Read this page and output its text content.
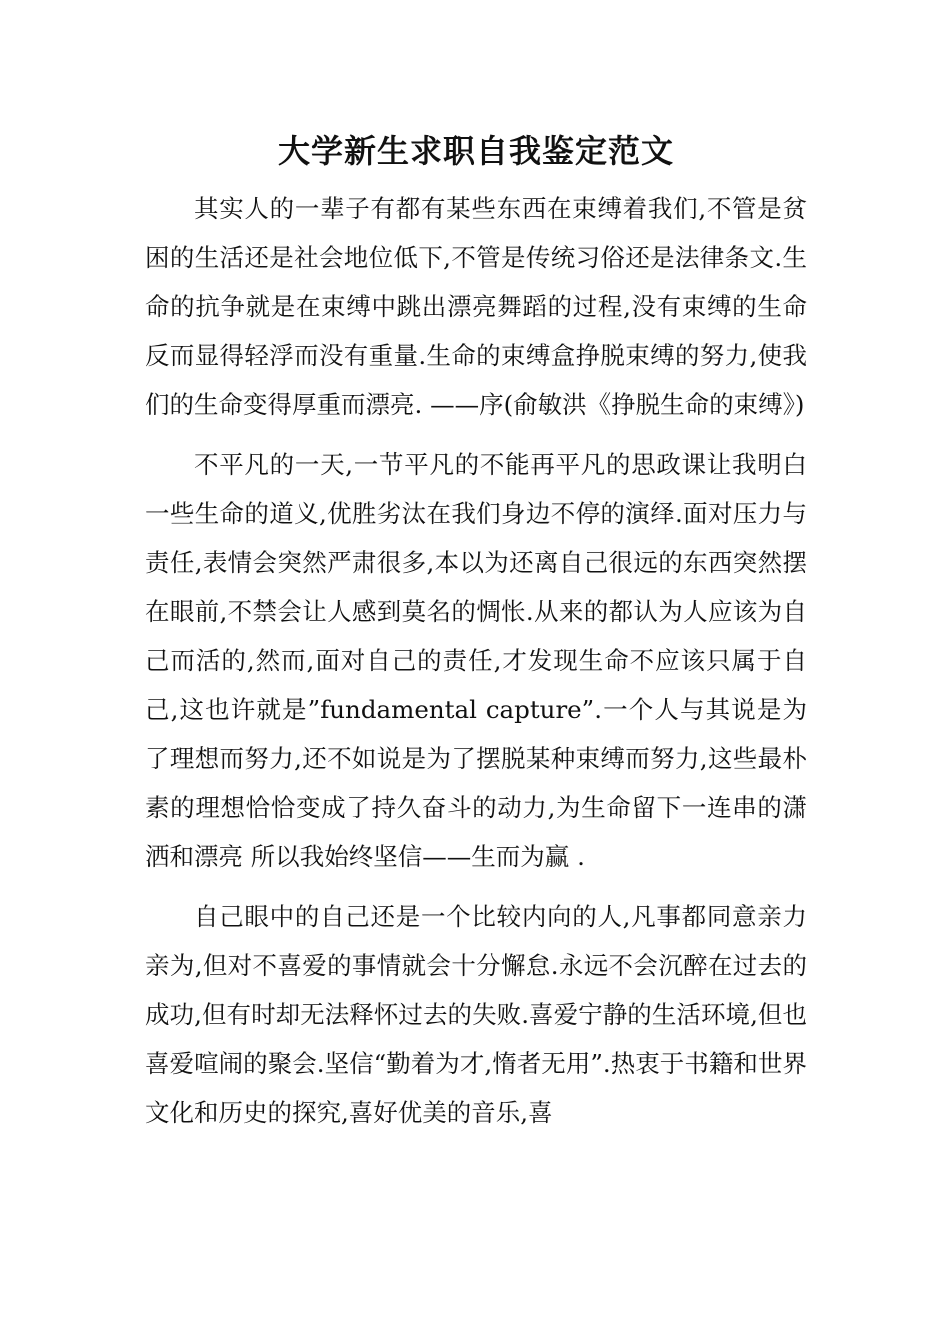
大学新生求职自我鉴定范文

其实人的一辈子有都有某些东西在束缚着我们,不管是贫困的生活还是社会地位低下,不管是传统习俗还是法律条文.生命的抗争就是在束缚中跳出漂亮舞蹈的过程,没有束缚的生命反而显得轻浮而没有重量.生命的束缚盒挣脱束缚的努力,使我们的生命变得厚重而漂亮. ——序(俞敏洪《挣脱生命的束缚》)

不平凡的一天,一节平凡的不能再平凡的思政课让我明白一些生命的道义,优胜劣汰在我们身边不停的演绎.面对压力与责任,表情会突然严肃很多,本以为还离自己很远的东西突然摆在眼前,不禁会让人感到莫名的惆怅.从来的都认为人应该为自己而活的,然而,面对自己的责任,才发现生命不应该只属于自己,这也许就是”fundamental capture”.一个人与其说是为了理想而努力,还不如说是为了摆脱某种束缚而努力,这些最朴素的理想恰恰变成了持久奋斗的动力,为生命留下一连串的潇洒和漂亮 所以我始终坚信——生而为赢 .

自己眼中的自己还是一个比较内向的人,凡事都同意亲力亲为,但对不喜爱的事情就会十分懈怠.永远不会沉醉在过去的成功,但有时却无法释怀过去的失败.喜爱宁静的生活环境,但也喜爱喧闹的聚会.坚信“勤着为才,惰者无用”.热衷于书籍和世界文化和历史的探究,喜好优美的音乐,喜
